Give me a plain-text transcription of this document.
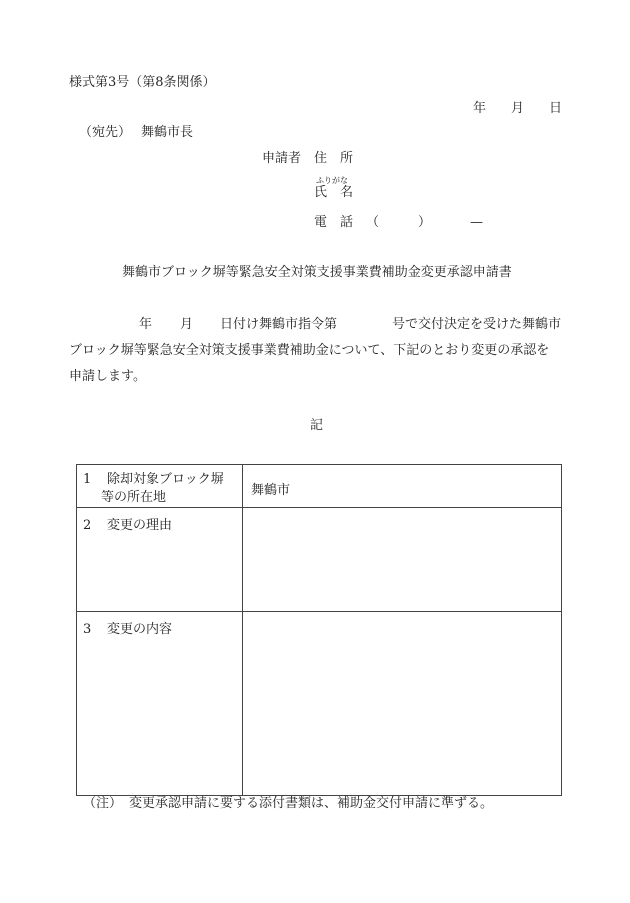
様式第3号（第8条関係）
年 月 日
（宛先） 舞鶴市長
申請者 住　所
ふりがな
氏　名
電　話 （	）	—
舞鶴市ブロック塀等緊急安全対策支援事業費補助金変更承認申請書
年 月 日付け舞鶴市指令第	号で交付決定を受けた舞鶴市
ブロック塀等緊急安全対策支援事業費補助金について、下記のとおり変更の承認を
申請します。
記
1 除却対象ブロック塀
等の所在地	舞鶴市
2 変更の理由	
3 変更の内容	
（注） 変更承認申請に要する添付書類は、補助金交付申請に準ずる。
